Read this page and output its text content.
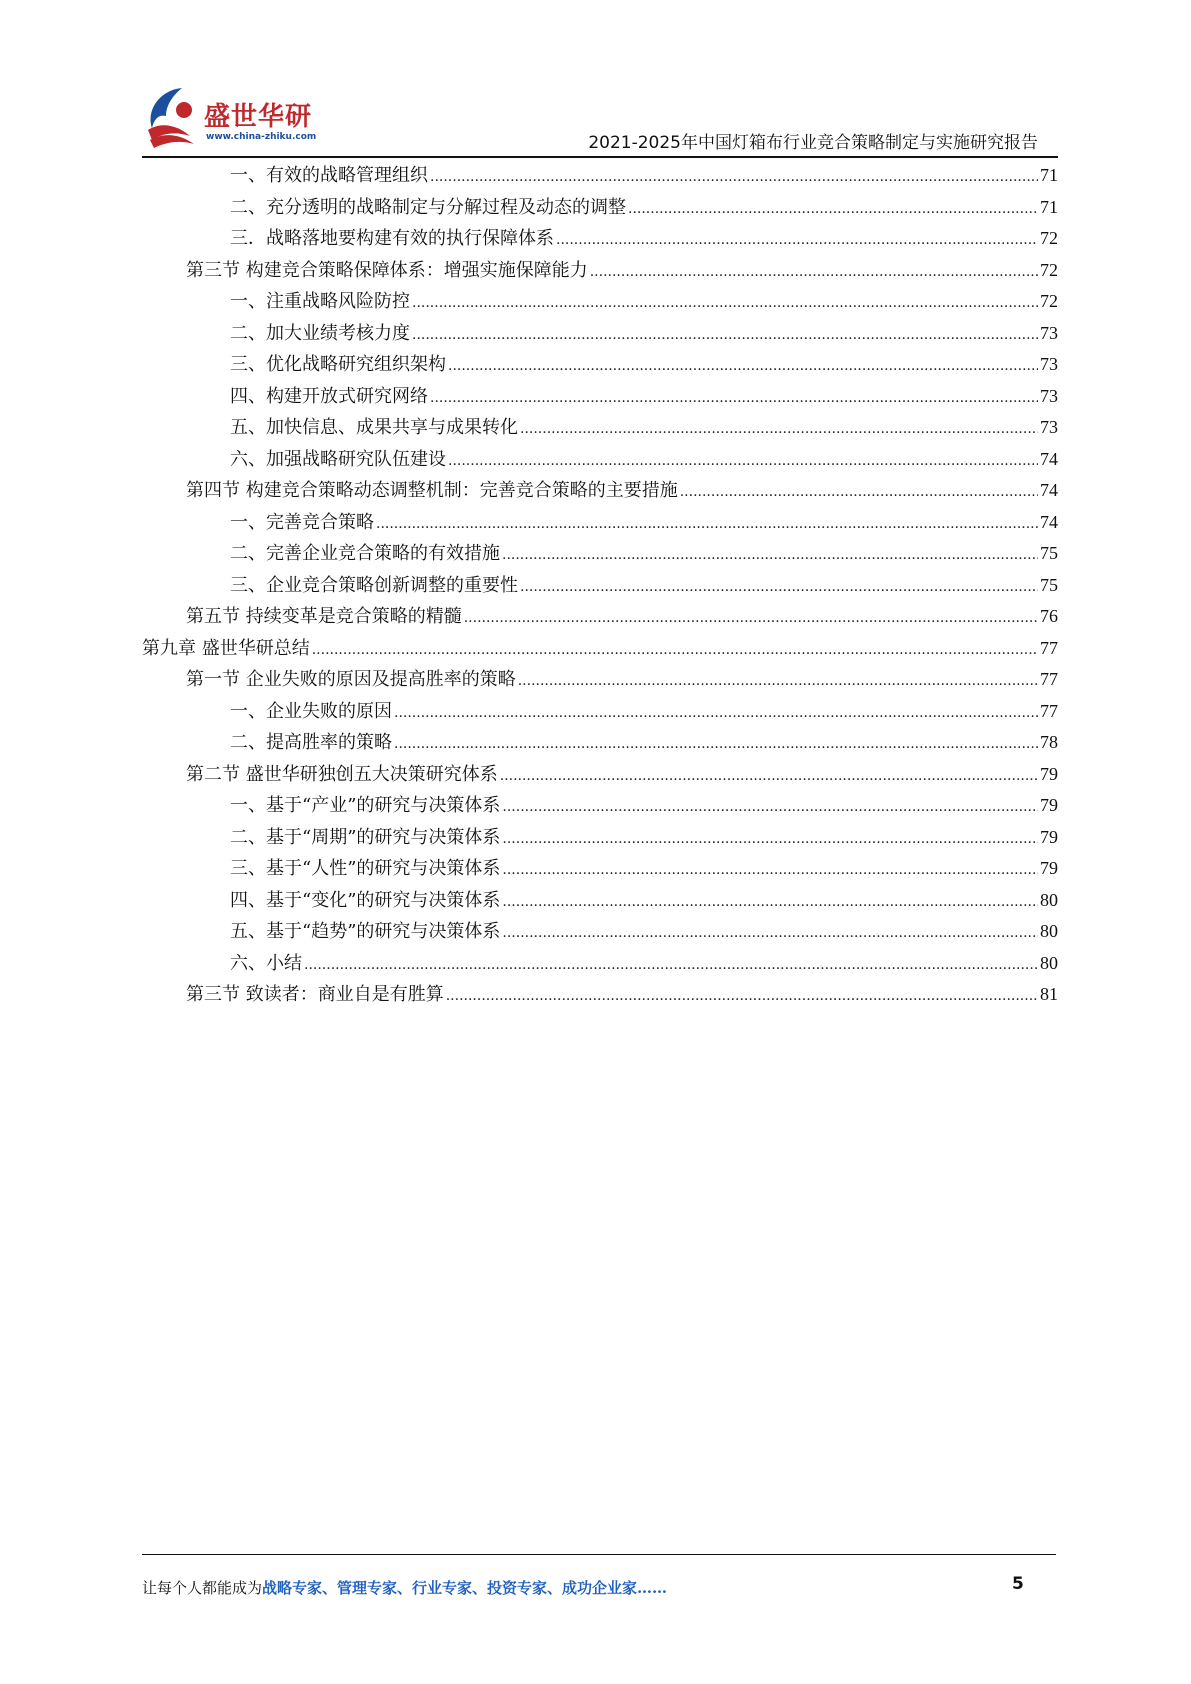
盛世华研
www.china-zhiku.com	2021-2025年中国灯箱布行业竞合策略制定与实施研究报告
一、有效的战略管理组织 .....	71
二、充分透明的战略制定与分解过程及动态的调整 .....	71
三．战略落地要构建有效的执行保障体系 .....	72
第三节 构建竞合策略保障体系：增强实施保障能力 .....	72
一、注重战略风险防控 .....	72
二、加大业绩考核力度 .....	73
三、优化战略研究组织架构 .....	73
四、构建开放式研究网络 .....	73
五、加快信息、成果共享与成果转化 .....	73
六、加强战略研究队伍建设 .....	74
第四节 构建竞合策略动态调整机制：完善竞合策略的主要措施 .....	74
一、完善竞合策略 .....	74
二、完善企业竞合策略的有效措施 .....	75
三、企业竞合策略创新调整的重要性 .....	75
第五节 持续变革是竞合策略的精髓 .....	76
第九章 盛世华研总结 .....	77
第一节 企业失败的原因及提高胜率的策略 .....	77
一、企业失败的原因 .....	77
二、提高胜率的策略 .....	78
第二节 盛世华研独创五大决策研究体系 .....	79
一、基于“产业”的研究与决策体系 .....	79
二、基于“周期”的研究与决策体系 .....	79
三、基于“人性”的研究与决策体系 .....	79
四、基于“变化”的研究与决策体系 .....	80
五、基于“趋势”的研究与决策体系 .....	80
六、小结 .....	80
第三节 致读者：商业自是有胜算 .....	81
让每个人都能成为战略专家、管理专家、行业专家、投资专家、成功企业家……	5
